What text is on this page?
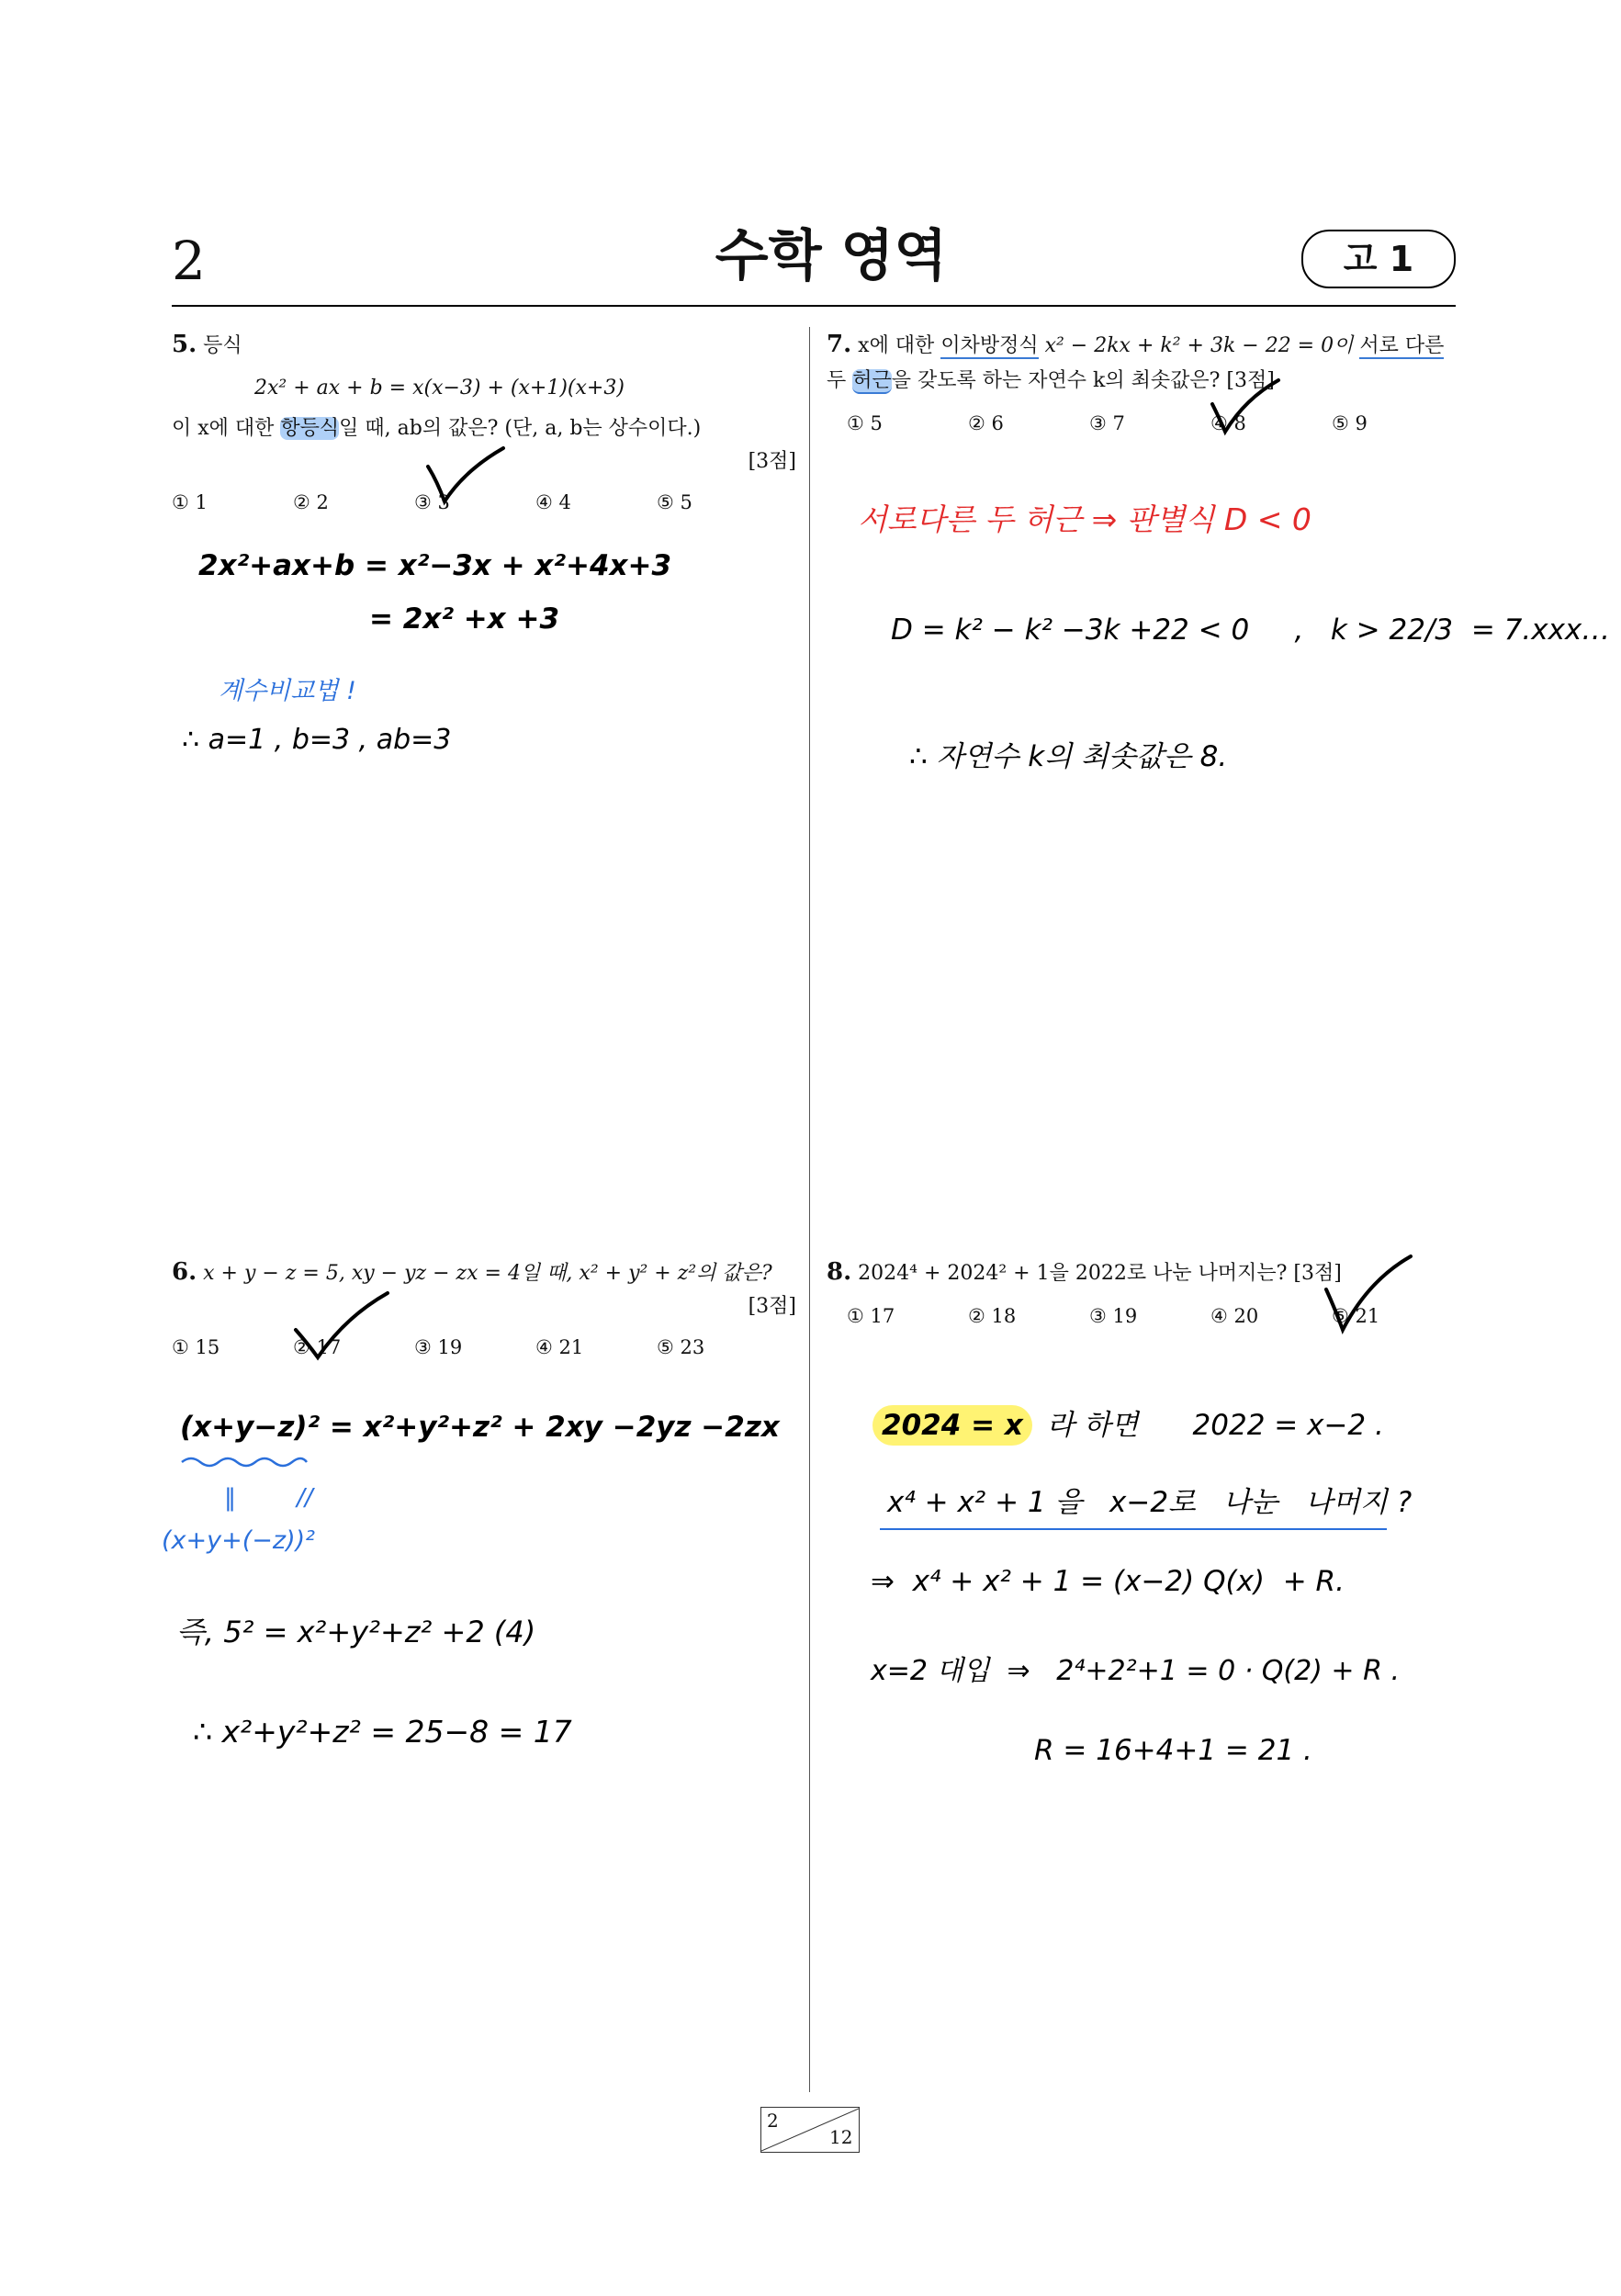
2	수학 영역	고 1
5. 등식
2x² + ax + b = x(x−3) + (x+1)(x+3)
이 x에 대한 항등식일 때, ab의 값은? (단, a, b는 상수이다.)
[3점]
① 1	② 2	③ 3	④ 4	⑤ 5
2x²+ax+b = x²−3x + x²+4x+3
= 2x² +x +3
계수비교법 !
∴ a=1 , b=3 , ab=3
6. x + y − z = 5, xy − yz − zx = 4일 때, x² + y² + z²의 값은?
[3점]
① 15	② 17	③ 19	④ 21	⑤ 23
(x+y−z)² = x²+y²+z² + 2xy −2yz −2zx
‖        //
(x+y+(−z))²
즉, 5² = x²+y²+z² +2 (4)
∴ x²+y²+z² = 25−8 = 17
7. x에 대한 이차방정식 x² − 2kx + k² + 3k − 22 = 0이 서로 다른
두 허근을 갖도록 하는 자연수 k의 최솟값은? [3점]
① 5	② 6	③ 7	④ 8	⑤ 9
서로다른 두 허근 ⇒ 판별식 D < 0
D = k² − k² −3k +22 < 0     ,   k > 22/3  = 7.xxx…
∴ 자연수 k의 최솟값은 8.
8. 2024⁴ + 2024² + 1을 2022로 나눈 나머지는? [3점]
① 17	② 18	③ 19	④ 20	⑤ 21
2024 = x 라 하면      2022 = x−2 .
x⁴ + x² + 1 을   x−2로   나눈   나머지 ?
⇒  x⁴ + x² + 1 = (x−2) Q(x)  + R.
x=2 대입  ⇒   2⁴+2²+1 = 0 · Q(2) + R .
R = 16+4+1 = 21 .
2
12
